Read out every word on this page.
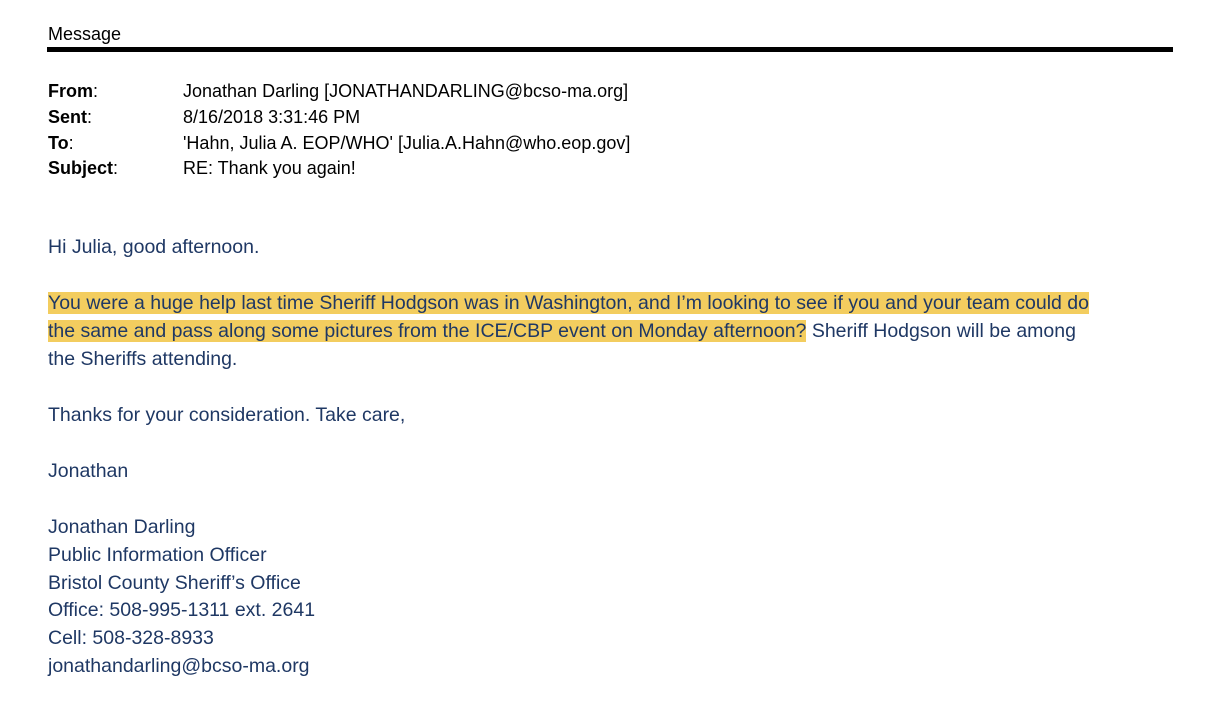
Message
From:	Jonathan Darling [JONATHANDARLING@bcso-ma.org]
Sent:	8/16/2018 3:31:46 PM
To:	'Hahn, Julia A. EOP/WHO' [Julia.A.Hahn@who.eop.gov]
Subject:	RE: Thank you again!
Hi Julia, good afternoon.
You were a huge help last time Sheriff Hodgson was in Washington, and I’m looking to see if you and your team could do
the same and pass along some pictures from the ICE/CBP event on Monday afternoon? Sheriff Hodgson will be among
the Sheriffs attending.
Thanks for your consideration. Take care,
Jonathan
Jonathan Darling
Public Information Officer
Bristol County Sheriff’s Office
Office: 508-995-1311 ext. 2641
Cell: 508-328-8933
jonathandarling@bcso-ma.org
